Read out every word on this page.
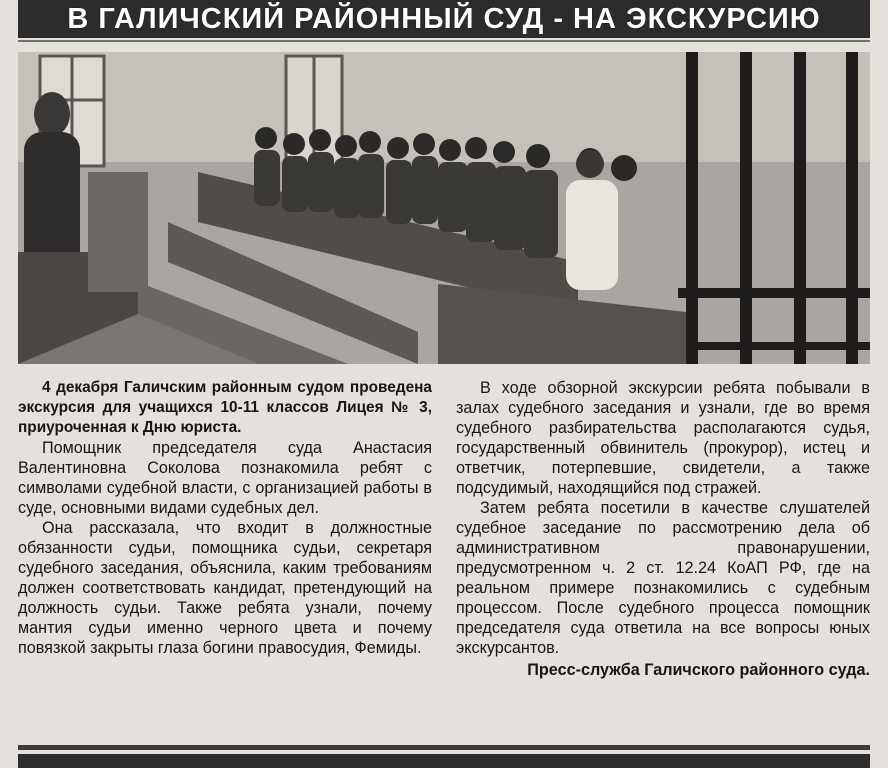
В ГАЛИЧСКИЙ РАЙОННЫЙ СУД - НА ЭКСКУРСИЮ

4 декабря Галичским районным судом проведена экскурсия для учащихся 10-11 классов Лицея № 3, приуроченная к Дню юриста.

Помощник председателя суда Анастасия Валентиновна Соколова познакомила ребят с символами судебной власти, с организацией работы в суде, основными видами судебных дел.

Она рассказала, что входит в должностные обязанности судьи, помощника судьи, секретаря судебного заседания, объяснила, каким требованиям должен соответствовать кандидат, претендующий на должность судьи. Также ребята узнали, почему мантия судьи именно черного цвета и почему повязкой закрыты глаза богини правосудия, Фемиды.

В ходе обзорной экскурсии ребята побывали в залах судебного заседания и узнали, где во время судебного разбирательства располагаются судья, государственный обвинитель (прокурор), истец и ответчик, потерпевшие, свидетели, а также подсудимый, находящийся под стражей.

Затем ребята посетили в качестве слушателей судебное заседание по рассмотрению дела об административном правонарушении, предусмотренном ч. 2 ст. 12.24 КоАП РФ, где на реальном примере познакомились с судебным процессом. После судебного процесса помощник председателя суда ответила на все вопросы юных экскурсантов.

Пресс-служба Галичского районного суда.
